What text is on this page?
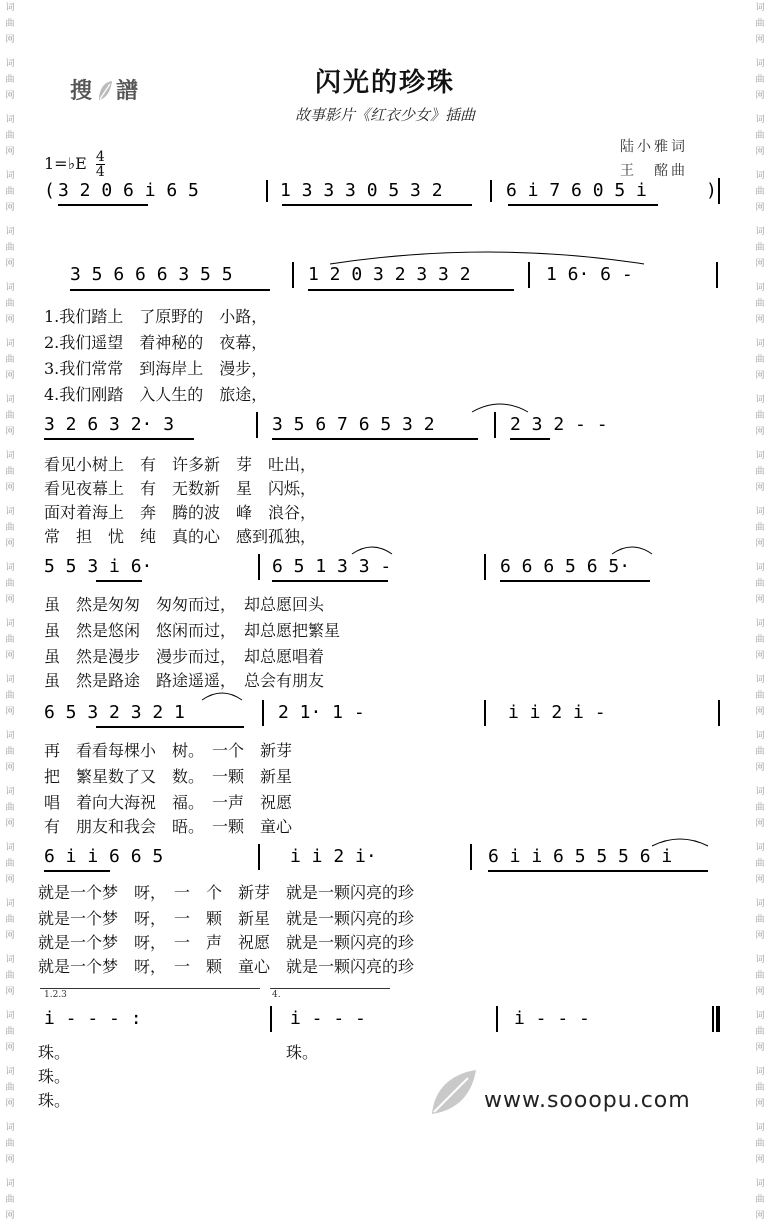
词
曲
网
词
曲
网
词
曲
网
词
曲
网
词
曲
网
词
曲
网
词
曲
网
词
曲
网
词
曲
网
词
曲
网
词
曲
网
词
曲
网
词
曲
网
词
曲
网
词
曲
网
词
曲
网
词
曲
网
词
曲
网
词
曲
网
词
曲
网
词
曲
网
词
曲
网
词
曲
网
词
曲
网
词
曲
网
词
曲
网
词
曲
网
词
曲
网
词
曲
网
词
曲
网
词
曲
网
词
曲
网
词
曲
网
词
曲
网
词
曲
网
词
曲
网
词
曲
网
词
曲
网
词
曲
网
词
曲
网
词
曲
网
词
曲
网
词
曲
网
词
曲
网
搜 譜	闪光的珍珠
故事影片《红衣少女》插曲
1=♭E $\frac{4}{4}$
陆小雅词
王　酩曲
( 3 2 0 6 i 6 5	1 3 3 3 0 5 3 2	6 i 7 6 0 5 i	)
3 5 6 6 6 3 5 5	1 2 0 3 2 3 3 2	1 6· 6 -
1.我们踏上　了原野的　小路，
2.我们遥望　着神秘的　夜幕，
3.我们常常　到海岸上　漫步，
4.我们刚踏　入人生的　旅途，
3 2 6 3 2· 3	3 5 6 7 6 5 3 2	2 3 2 - -
看见小树上　有　许多新　芽　吐出，
看见夜幕上　有　无数新　星　闪烁，
面对着海上　奔　腾的波　峰　浪谷，
常　担　忧　纯　真的心　感到孤独，
5 5 3 i 6·	6 5 1 3 3 -	6 6 6 5 6 5·
虽　然是匆匆　匆匆而过，　却总愿回头
虽　然是悠闲　悠闲而过，　却总愿把繁星
虽　然是漫步　漫步而过，　却总愿唱着
虽　然是路途　路途遥遥，　总会有朋友
6 5 3 2 3 2 1	2 1· 1 -	i i 2 i -
再　看看每棵小　树。　一个　新芽
把　繁星数了又　数。　一颗　新星
唱　着向大海祝　福。　一声　祝愿
有　朋友和我会　晤。　一颗　童心
6 i i 6 6 5	i i 2 i·	6 i i 6 5 5 5 6 i
就是一个梦　呀，　一　个　新芽　就是一颗闪亮的珍
就是一个梦　呀，　一　颗　新星　就是一颗闪亮的珍
就是一个梦　呀，　一　声　祝愿　就是一颗闪亮的珍
就是一个梦　呀，　一　颗　童心　就是一颗闪亮的珍
1.2.3	4.
i - - - :	i - - -	i - - -
珠。	珠。
珠。
珠。	www.sooopu.com
